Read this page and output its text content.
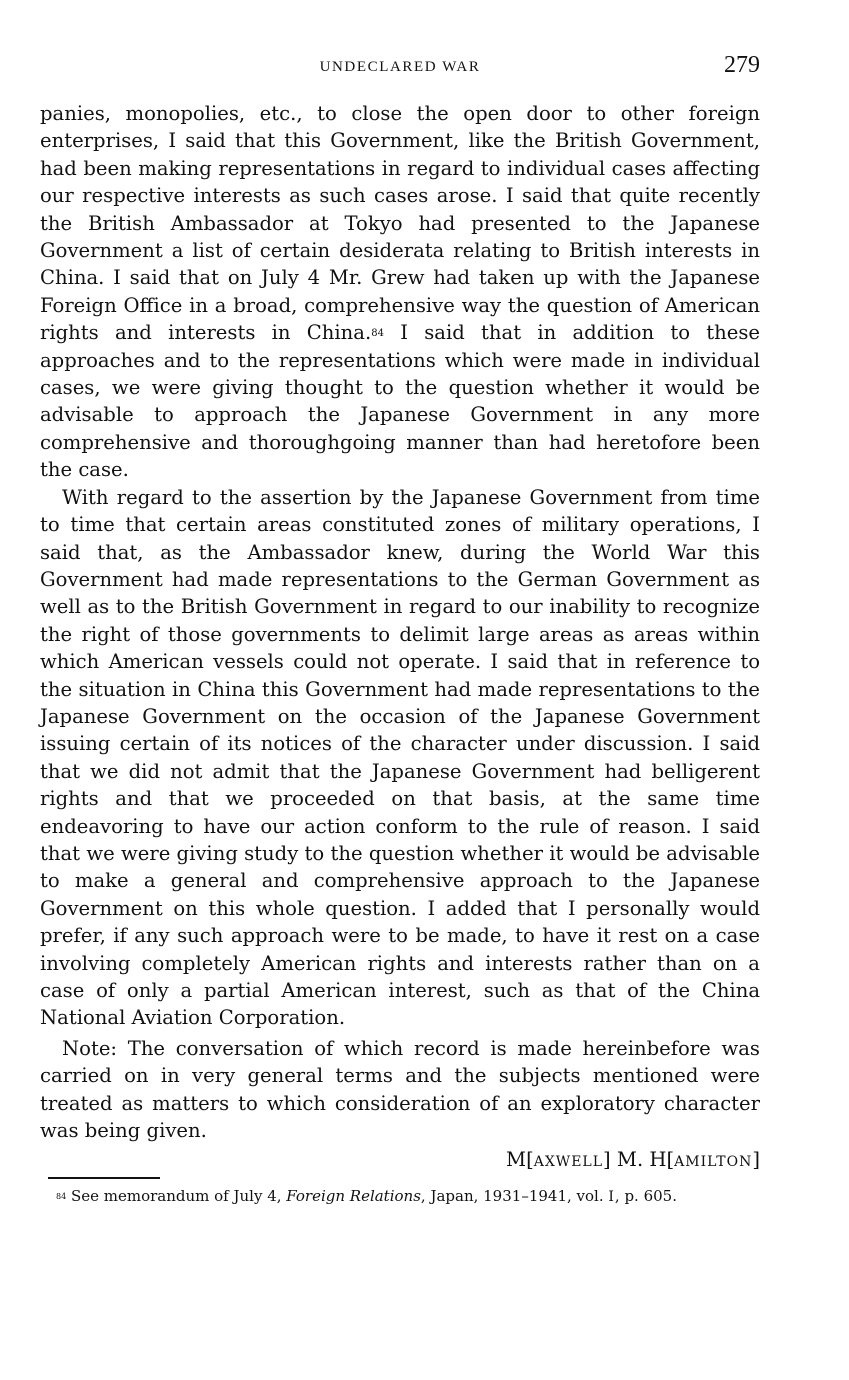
UNDECLARED WAR	279

panies, monopolies, etc., to close the open door to other foreign enterprises, I said that this Government, like the British Government, had been making representations in regard to individual cases affecting our respective interests as such cases arose. I said that quite recently the British Ambassador at Tokyo had presented to the Japanese Government a list of certain desiderata relating to British interests in China. I said that on July 4 Mr. Grew had taken up with the Japanese Foreign Office in a broad, comprehensive way the question of American rights and interests in China.$^{84}$ I said that in addition to these approaches and to the representations which were made in individual cases, we were giving thought to the question whether it would be advisable to approach the Japanese Government in any more comprehensive and thoroughgoing manner than had heretofore been the case.

With regard to the assertion by the Japanese Government from time to time that certain areas constituted zones of military operations, I said that, as the Ambassador knew, during the World War this Government had made representations to the German Government as well as to the British Government in regard to our inability to recognize the right of those governments to delimit large areas as areas within which American vessels could not operate. I said that in reference to the situation in China this Government had made representations to the Japanese Government on the occasion of the Japanese Government issuing certain of its notices of the character under discussion. I said that we did not admit that the Japanese Government had belligerent rights and that we proceeded on that basis, at the same time endeavoring to have our action conform to the rule of reason. I said that we were giving study to the question whether it would be advisable to make a general and comprehensive approach to the Japanese Government on this whole question. I added that I personally would prefer, if any such approach were to be made, to have it rest on a case involving completely American rights and interests rather than on a case of only a partial American interest, such as that of the China National Aviation Corporation.

Note: The conversation of which record is made hereinbefore was carried on in very general terms and the subjects mentioned were treated as matters to which consideration of an exploratory character was being given.

M[AXWELL] M. H[AMILTON]
$^{84}$ See memorandum of July 4, Foreign Relations, Japan, 1931–1941, vol. I, p. 605.
